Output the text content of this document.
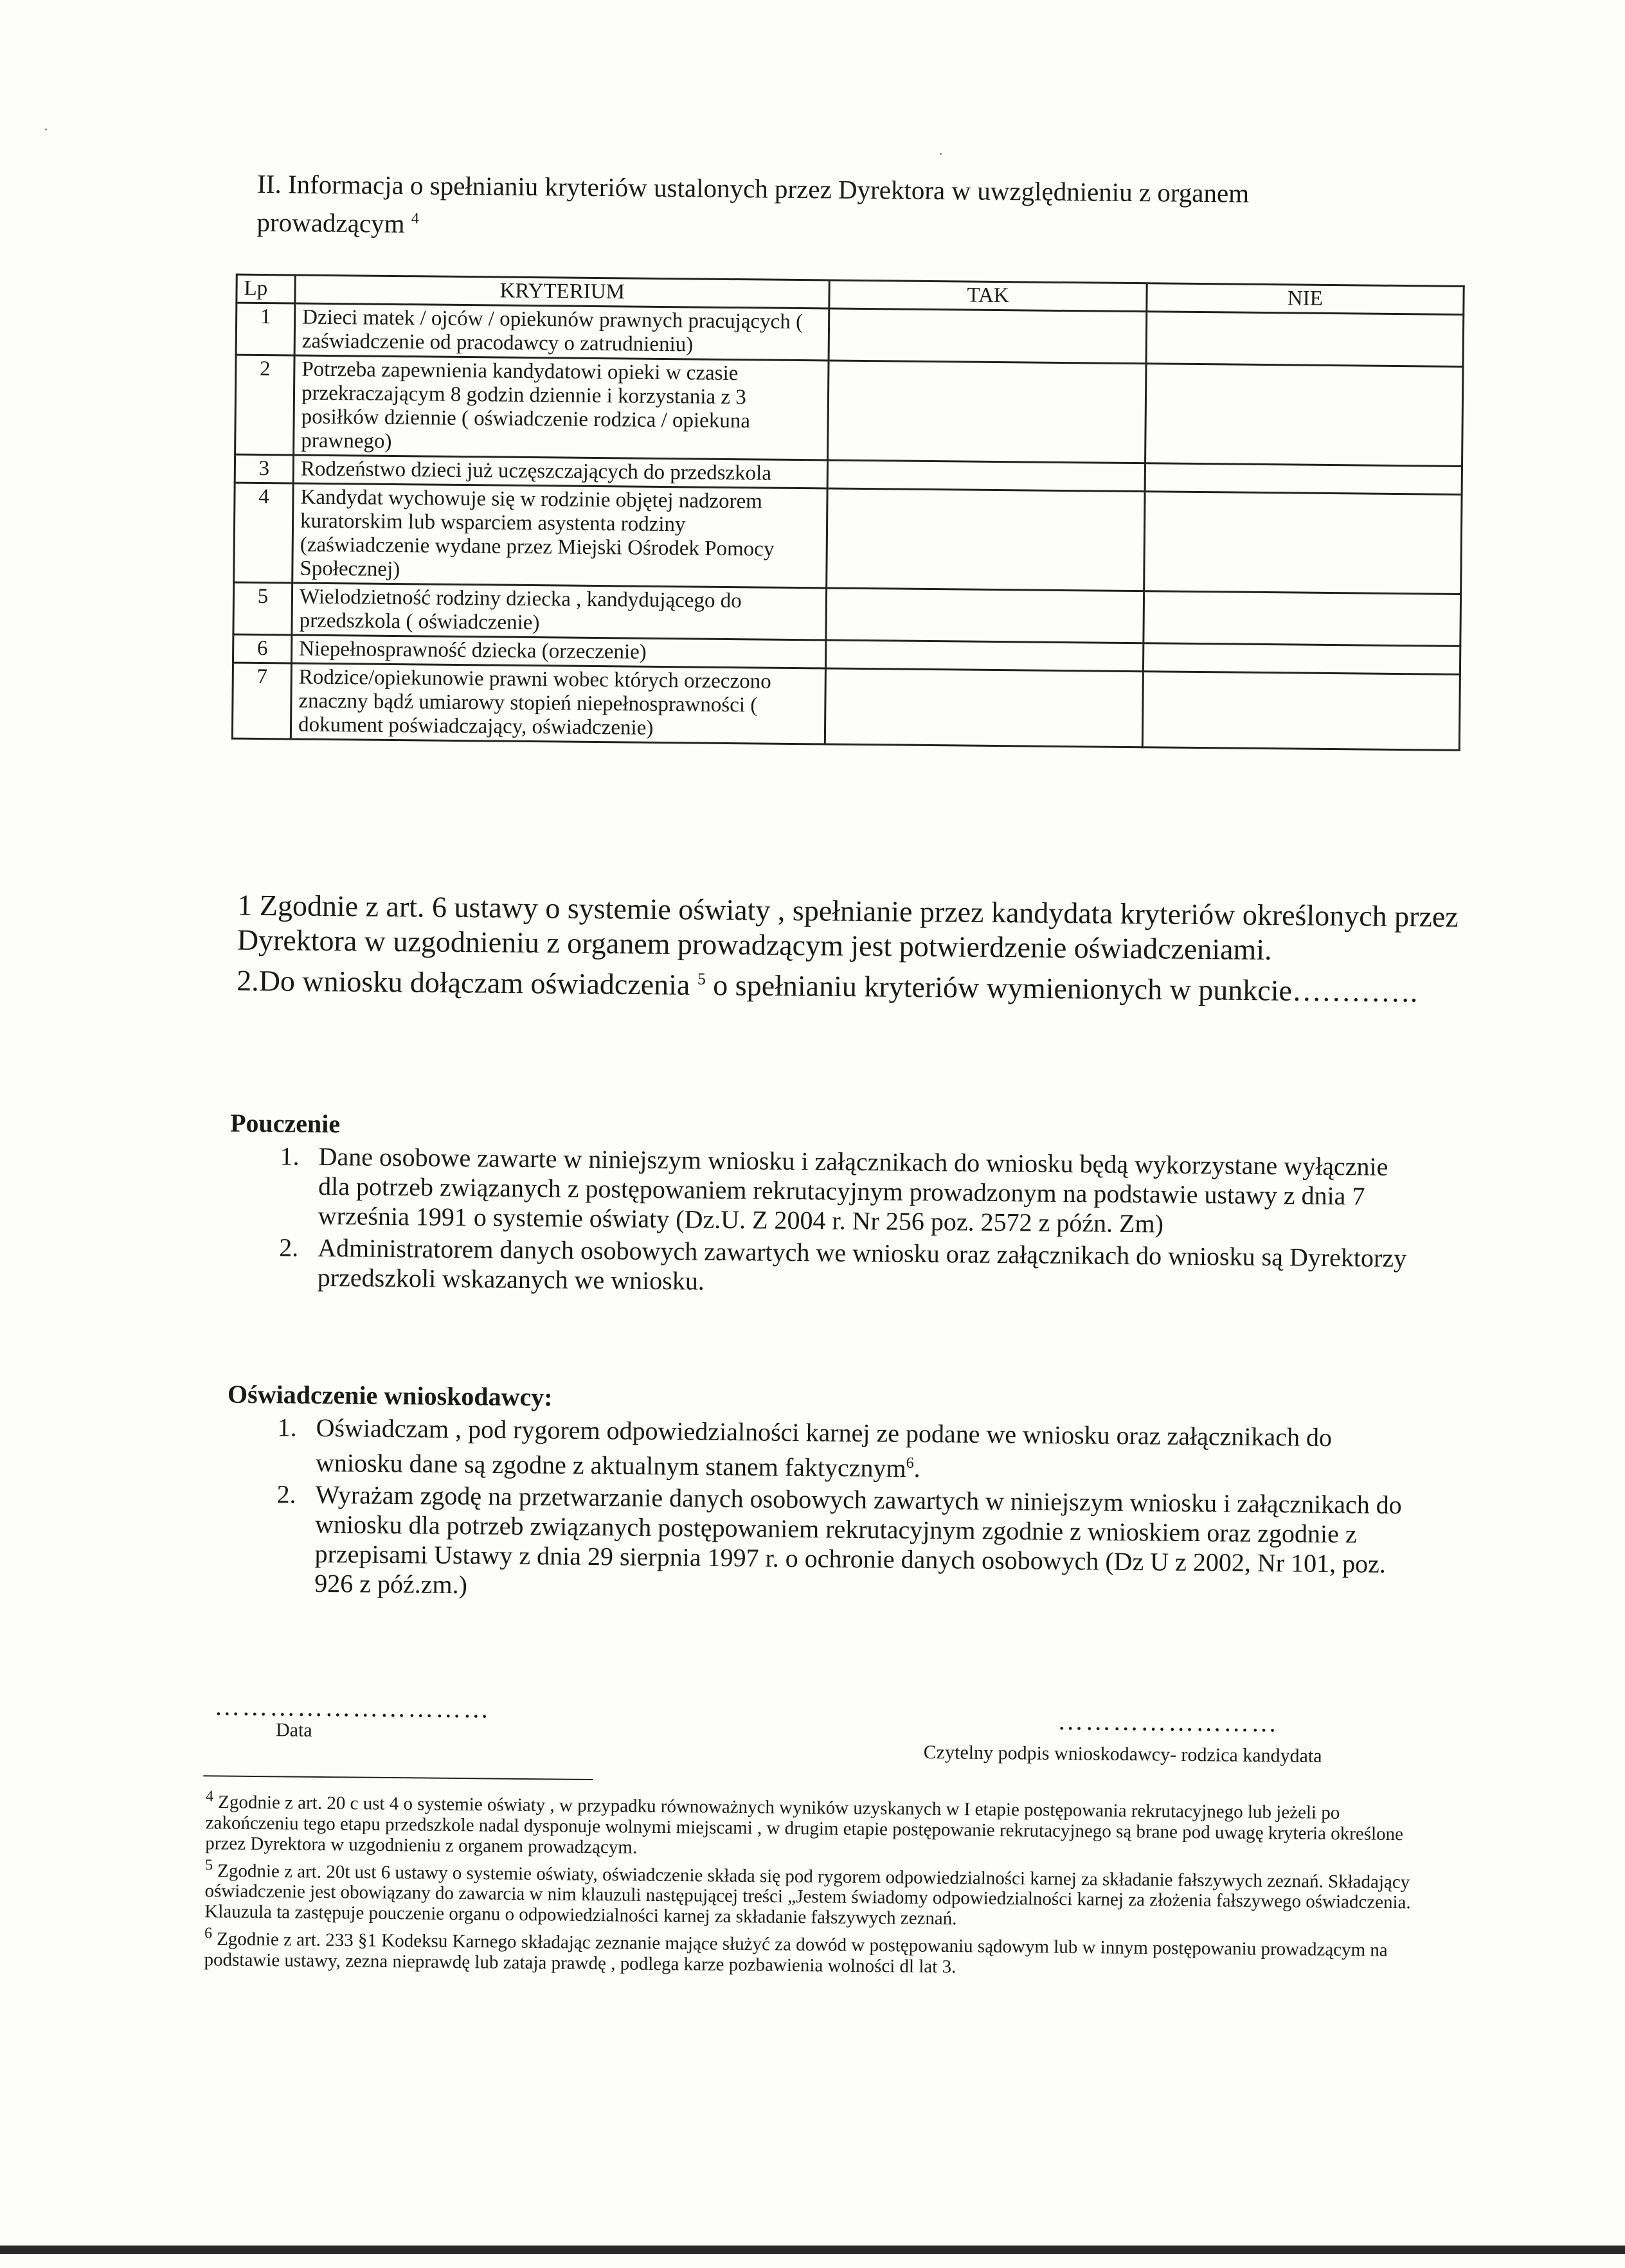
II. Informacja o spełnianiu kryteriów ustalonych przez Dyrektora w uwzględnieniu z organem prowadzącym $^4$
Lp	KRYTERIUM	TAK	NIE
1	Dzieci matek / ojców / opiekunów prawnych pracujących ( zaświadczenie od pracodawcy o zatrudnieniu)		
2	Potrzeba zapewnienia kandydatowi opieki w czasie przekraczającym 8 godzin dziennie i korzystania z 3 posiłków dziennie ( oświadczenie rodzica / opiekuna prawnego)		
3	Rodzeństwo dzieci już uczęszczających do przedszkola		
4	Kandydat wychowuje się w rodzinie objętej nadzorem kuratorskim lub wsparciem asystenta rodziny (zaświadczenie wydane przez Miejski Ośrodek Pomocy Społecznej)		
5	Wielodzietność rodziny dziecka , kandydującego do przedszkola ( oświadczenie)		
6	Niepełnosprawność dziecka (orzeczenie)		
7	Rodzice/opiekunowie prawni wobec których orzeczono znaczny bądź umiarowy stopień niepełnosprawności ( dokument poświadczający, oświadczenie)		

1 Zgodnie z art. 6 ustawy o systemie oświaty , spełnianie przez kandydata kryteriów określonych przez Dyrektora w uzgodnieniu z organem prowadzącym jest potwierdzenie oświadczeniami.

2.Do wniosku dołączam oświadczenia $^5$ o spełnianiu kryteriów wymienionych w punkcie………….

Pouczenie
1. Dane osobowe zawarte w niniejszym wniosku i załącznikach do wniosku będą wykorzystane wyłącznie dla potrzeb związanych z postępowaniem rekrutacyjnym prowadzonym na podstawie ustawy z dnia 7 września 1991 o systemie oświaty (Dz.U. Z 2004 r. Nr 256 poz. 2572 z późn. Zm)
2. Administratorem danych osobowych zawartych we wniosku oraz załącznikach do wniosku są Dyrektorzy przedszkoli wskazanych we wniosku.
Oświadczenie wnioskodawcy:
1. Oświadczam , pod rygorem odpowiedzialności karnej ze podane we wniosku oraz załącznikach do wniosku dane są zgodne z aktualnym stanem faktycznym$^6$.
2. Wyrażam zgodę na przetwarzanie danych osobowych zawartych w niniejszym wniosku i załącznikach do wniosku dla potrzeb związanych postępowaniem rekrutacyjnym zgodnie z wnioskiem oraz zgodnie z przepisami Ustawy z dnia 29 sierpnia 1997 r. o ochronie danych osobowych (Dz U z 2002, Nr 101, poz. 926 z póź.zm.)
…………………………
Data	……………………
Czytelny podpis wnioskodawcy- rodzica kandydata

$^4$ Zgodnie z art. 20 c ust 4 o systemie oświaty , w przypadku równoważnych wyników uzyskanych w I etapie postępowania rekrutacyjnego lub jeżeli po zakończeniu tego etapu przedszkole nadal dysponuje wolnymi miejscami , w drugim etapie postępowanie rekrutacyjnego są brane pod uwagę kryteria określone przez Dyrektora w uzgodnieniu z organem prowadzącym.

$^5$ Zgodnie z art. 20t ust 6 ustawy o systemie oświaty, oświadczenie składa się pod rygorem odpowiedzialności karnej za składanie fałszywych zeznań. Składający oświadczenie jest obowiązany do zawarcia w nim klauzuli następującej treści „Jestem świadomy odpowiedzialności karnej za złożenia fałszywego oświadczenia. Klauzula ta zastępuje pouczenie organu o odpowiedzialności karnej za składanie fałszywych zeznań.

$^6$ Zgodnie z art. 233 §1 Kodeksu Karnego składając zeznanie mające służyć za dowód w postępowaniu sądowym lub w innym postępowaniu prowadzącym na podstawie ustawy, zezna nieprawdę lub zataja prawdę , podlega karze pozbawienia wolności dl lat 3.
